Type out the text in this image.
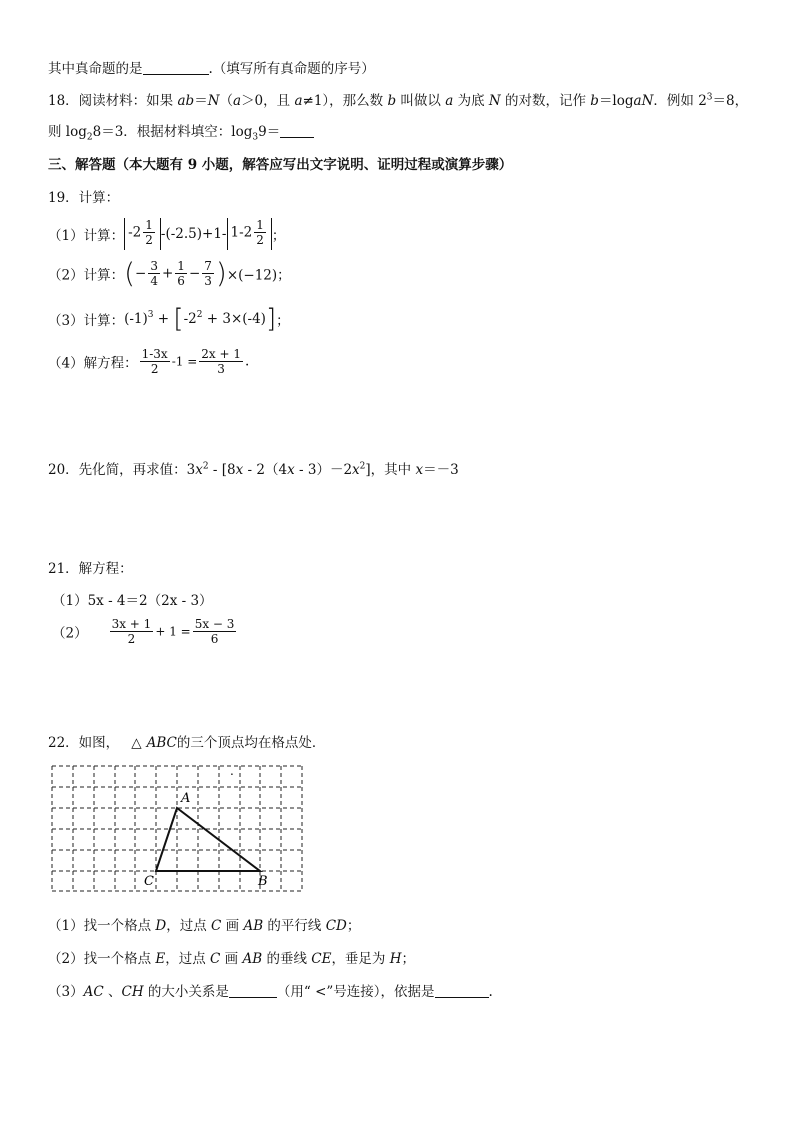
其中真命题的是	.（填写所有真命题的序号）
18．阅读材料：如果 ab＝N（a＞0，且 a≠1），那么数 b 叫做以 a 为底 N 的对数，记作 b＝logaN．例如 $2^3=8$，
则 $\log_28=3$．根据材料填空：$\log_39=$
三、解答题（本大题有 9 小题，解答应写出文字说明、证明过程或演算步骤）
19．计算：
（1）计算： $-2 \frac{1}{2} -(-2.5)+1-$ $1-2 \frac{1}{2}$ ；
（2）计算：(− $\frac{3}{4} + \frac{1}{6} - \frac{7}{3} )\times(-12)$；
（3）计算：$(-1)^3 + [-2^2 + 3\times(-4)]$；
（4）解方程： $\frac{1-3x}{2} -1 = \frac{2x + 1}{3}$ .
20．先化简，再求值：$3x^2 - [8x - 2(4x - 3)-2x^2]$，其中 x＝－3
21．解方程：
（1）5x - 4＝2（2x - 3）
$(2) \frac{3x + 1}{2} + 1 = \frac{5x - 3}{6}$
22．如图， △ ABC的三个顶点均在格点处．
A
C	B
.
（1）找一个格点 D，过点 C 画 AB 的平行线 CD；
（2）找一个格点 E，过点 C 画 AB 的垂线 CE，垂足为 H；
（3）AC 、CH 的大小关系是	（用“ <”号连接），依据是	.
